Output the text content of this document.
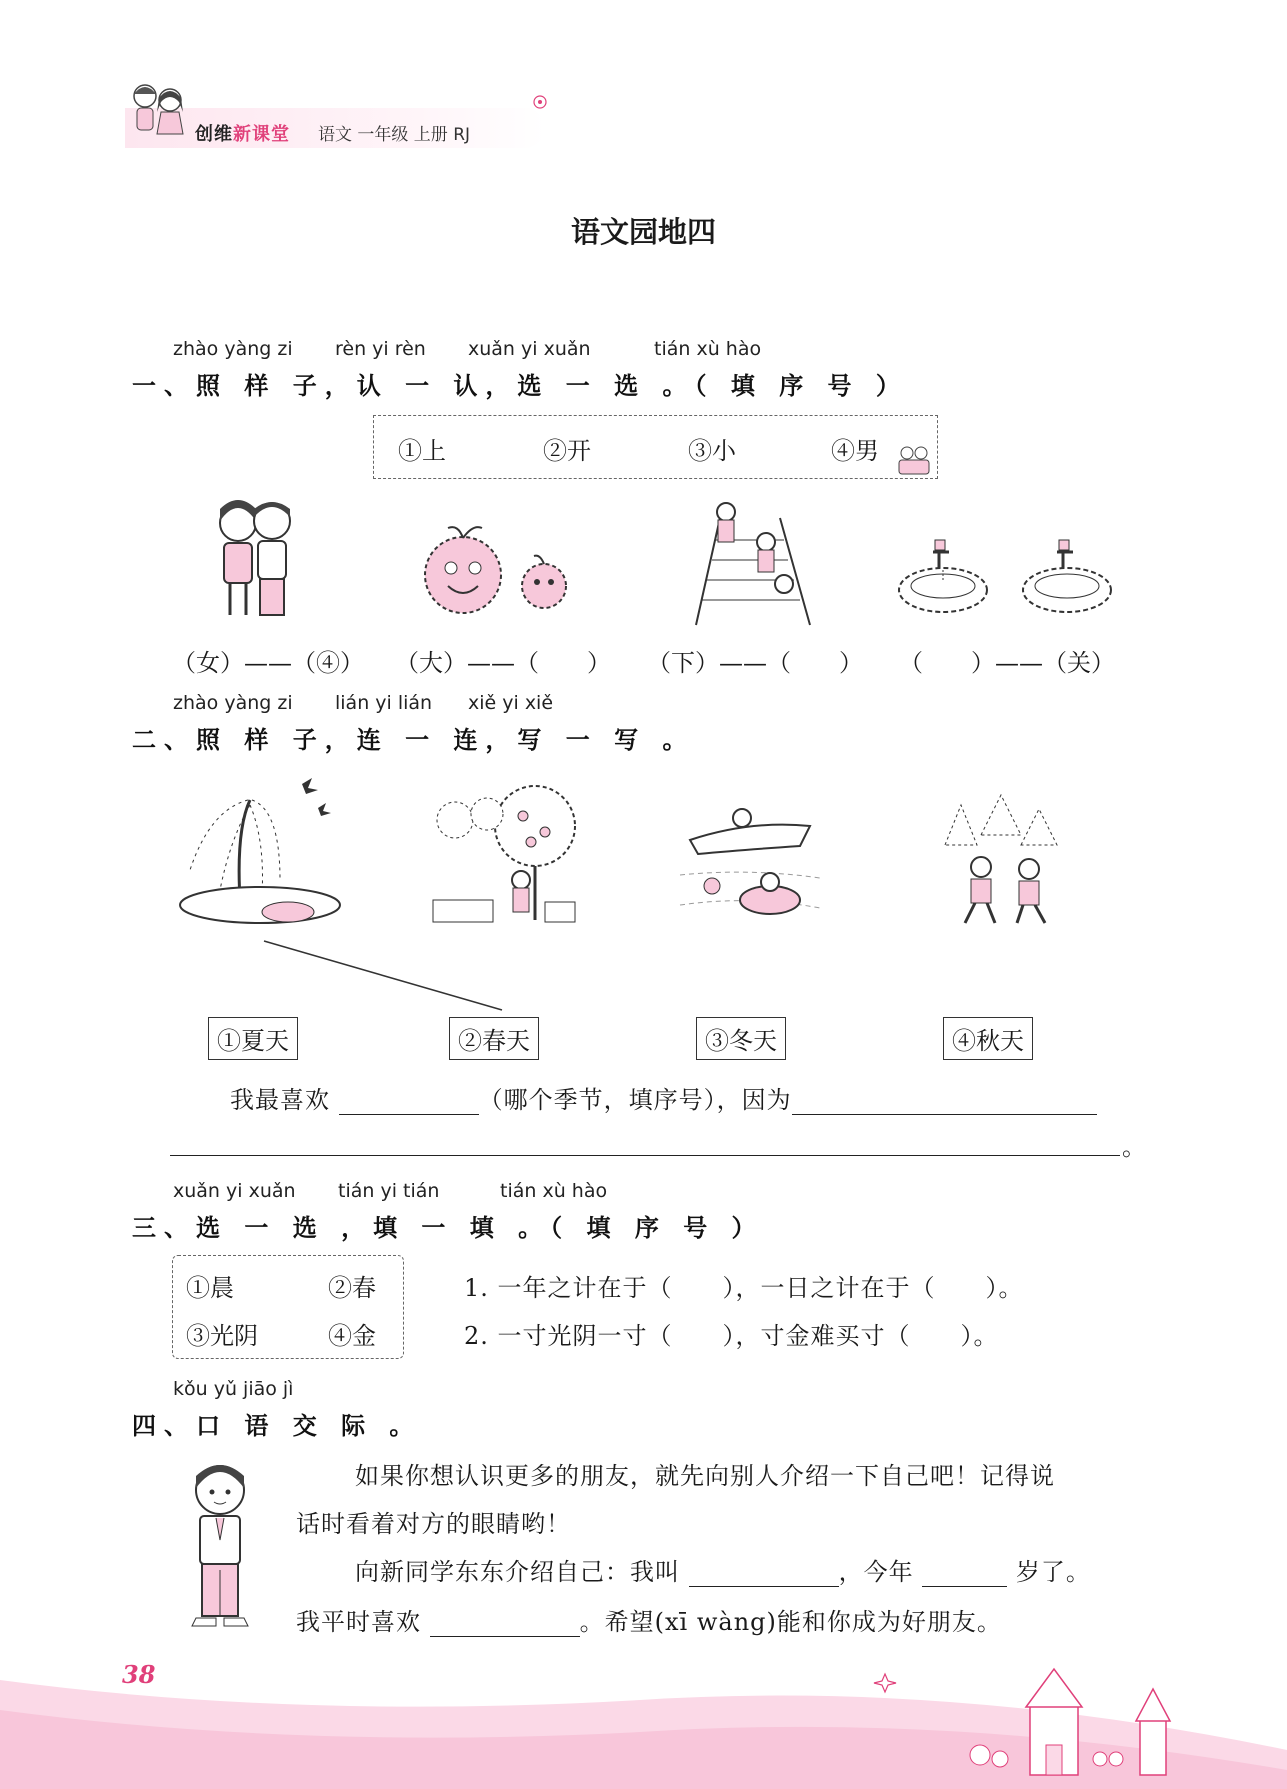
创维新课堂 语文 一年级 上册 RJ
语文园地四
zhào yàng zi rèn yi rèn xuǎn yi xuǎn	tián xù hào
一、照 样 子，认 一 认，选 一 选 。（ 填 序 号 ）
①上	②开	③小	④男
（女）——（④） （大）——（　　） （下）——（　　） （　　）——（关）
zhào yàng zi lián yi lián xiě yi xiě
二、照 样 子，连 一 连，写 一 写 。
①夏天	②春天	③冬天	④秋天
我最喜欢	（哪个季节，填序号），因为
。
xuǎn yi xuǎn tián yi tián	tián xù hào
三、选 一 选 ，填 一 填 。（ 填 序 号 ）
①晨	②春
③光阴	④金
1. 一年之计在于（　　），一日之计在于（　　）。
2. 一寸光阴一寸（　　），寸金难买寸（　　）。
kǒu yǔ jiāo jì
四、口 语 交 际 。
如果你想认识更多的朋友，就先向别人介绍一下自己吧！记得说
话时看着对方的眼睛哟！
向新同学东东介绍自己：我叫	，今年	岁了。
我平时喜欢	。希望(xī wàng)能和你成为好朋友。
38
